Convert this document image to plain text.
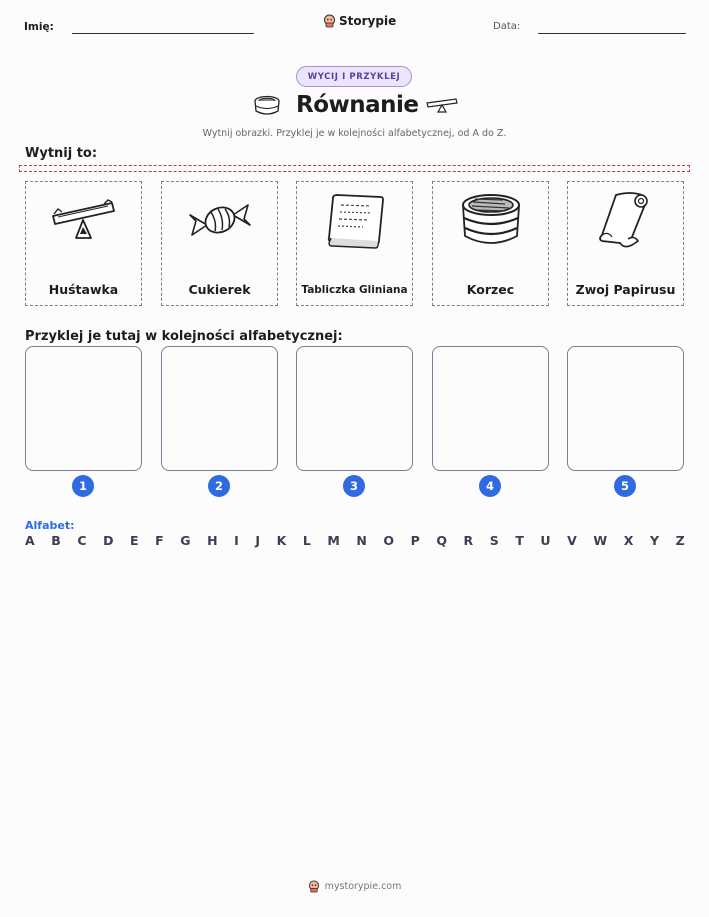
Imię:	Storypie	Data:
WYCIJ I PRZYKLEJ
Równanie
Wytnij obrazki. Przyklej je w kolejności alfabetycznej, od A do Z.
Wytnij to:
Huśtawka	Cukierek	Tabliczka Gliniana	Korzec	Zwoj Papirusu
Przyklej je tutaj w kolejności alfabetycznej:
1	2	3	4	5
Alfabet:
A B C D E F G H I J K L M N O P Q R S T U V W X Y Z
mystorypie.com
